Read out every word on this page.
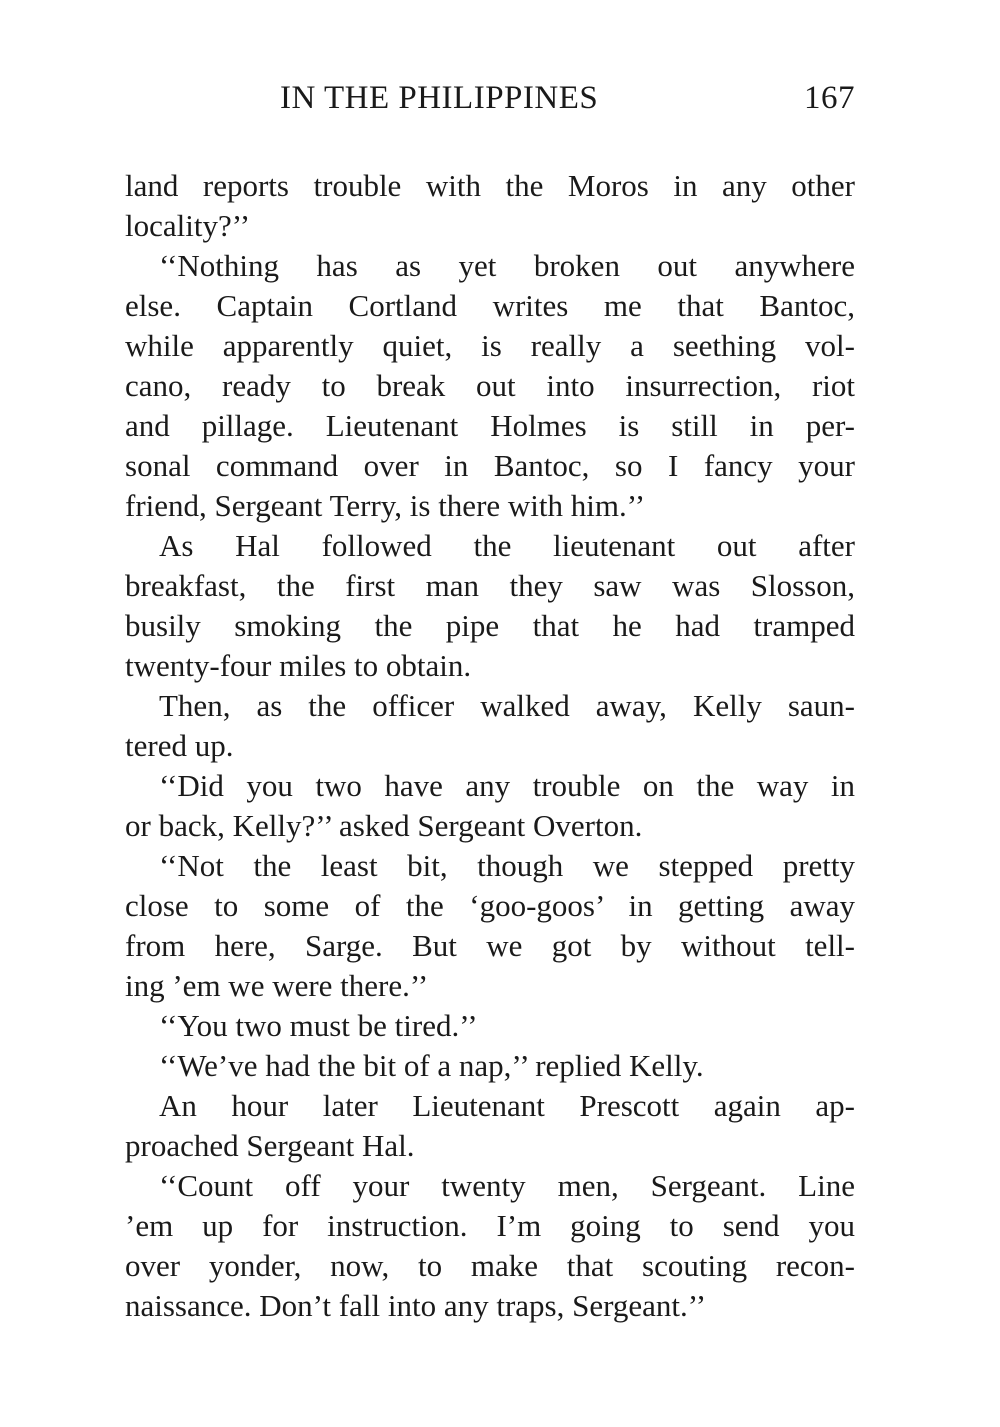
IN THE PHILIPPINES	167
land reports trouble with the Moros in any other
locality?’’
‘‘Nothing has as yet broken out anywhere
else. Captain Cortland writes me that Bantoc,
while apparently quiet, is really a seething vol-
cano, ready to break out into insurrection, riot
and pillage. Lieutenant Holmes is still in per-
sonal command over in Bantoc, so I fancy your
friend, Sergeant Terry, is there with him.’’
As Hal followed the lieutenant out after
breakfast, the first man they saw was Slosson,
busily smoking the pipe that he had tramped
twenty-four miles to obtain.
Then, as the officer walked away, Kelly saun-
tered up.
‘‘Did you two have any trouble on the way in
or back, Kelly?’’ asked Sergeant Overton.
‘‘Not the least bit, though we stepped pretty
close to some of the ‘goo-goos’ in getting away
from here, Sarge. But we got by without tell-
ing ’em we were there.’’
‘‘You two must be tired.’’
‘‘We’ve had the bit of a nap,’’ replied Kelly.
An hour later Lieutenant Prescott again ap-
proached Sergeant Hal.
‘‘Count off your twenty men, Sergeant. Line
’em up for instruction. I’m going to send you
over yonder, now, to make that scouting recon-
naissance. Don’t fall into any traps, Sergeant.’’
